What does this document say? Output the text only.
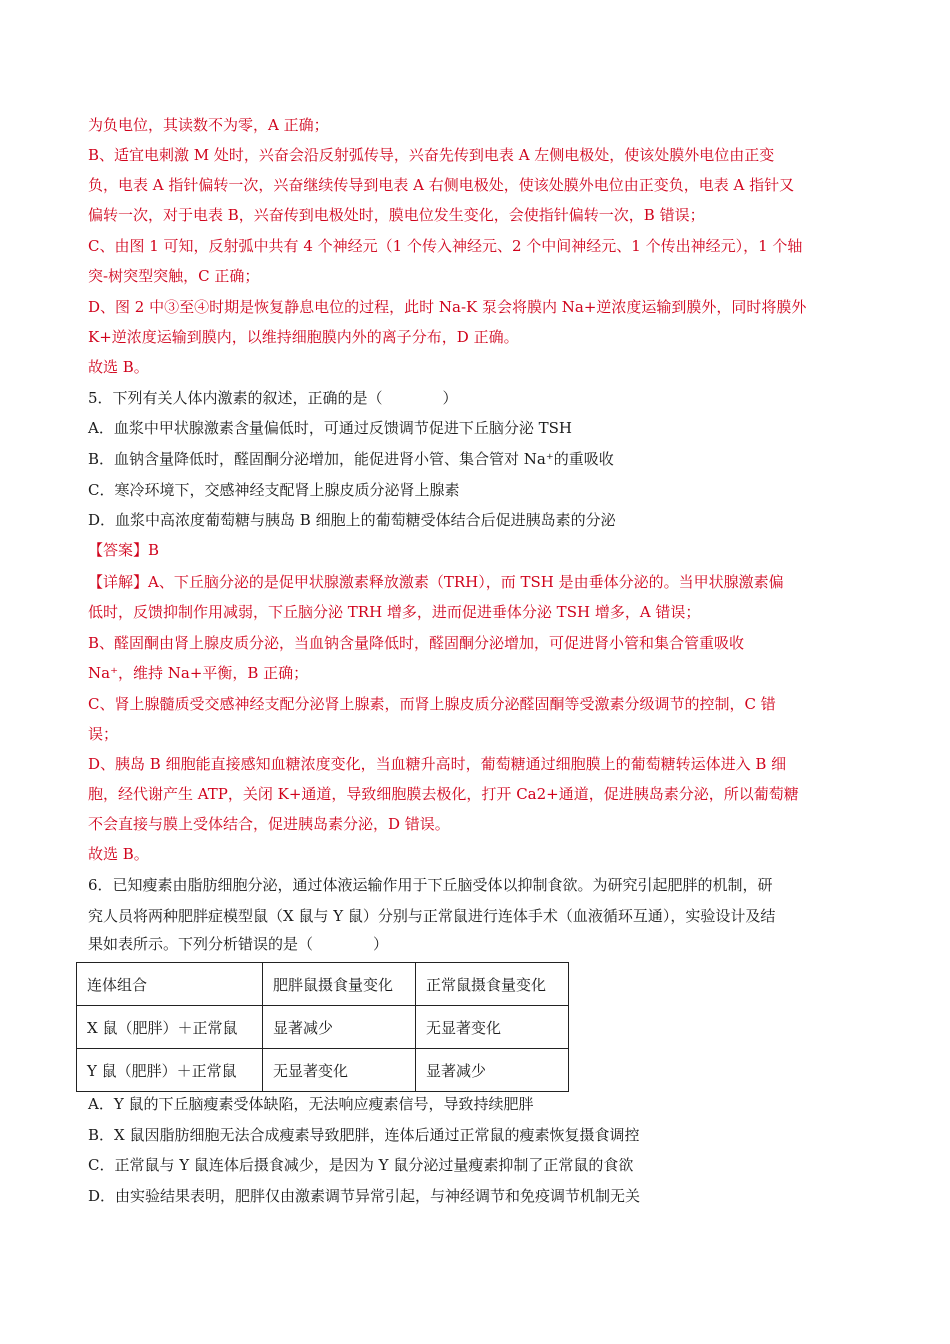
为负电位，其读数不为零，A 正确；
B、适宜电刺激 M 处时，兴奋会沿反射弧传导，兴奋先传到电表 A 左侧电极处，使该处膜外电位由正变
负，电表 A 指针偏转一次，兴奋继续传导到电表 A 右侧电极处，使该处膜外电位由正变负，电表 A 指针又
偏转一次，对于电表 B，兴奋传到电极处时，膜电位发生变化，会使指针偏转一次，B 错误；
C、由图 1 可知，反射弧中共有 4 个神经元（1 个传入神经元、2 个中间神经元、1 个传出神经元），1 个轴
突-树突型突触，C 正确；
D、图 2 中③至④时期是恢复静息电位的过程，此时 Na-K 泵会将膜内 Na+逆浓度运输到膜外，同时将膜外
K+逆浓度运输到膜内，以维持细胞膜内外的离子分布，D 正确。
故选 B。
5．下列有关人体内激素的叙述，正确的是（　　　　）
A．血浆中甲状腺激素含量偏低时，可通过反馈调节促进下丘脑分泌 TSH
B．血钠含量降低时，醛固酮分泌增加，能促进肾小管、集合管对 Na⁺的重吸收
C．寒冷环境下，交感神经支配肾上腺皮质分泌肾上腺素
D．血浆中高浓度葡萄糖与胰岛 B 细胞上的葡萄糖受体结合后促进胰岛素的分泌
【答案】B
【详解】A、下丘脑分泌的是促甲状腺激素释放激素（TRH），而 TSH 是由垂体分泌的。当甲状腺激素偏
低时，反馈抑制作用减弱，下丘脑分泌 TRH 增多，进而促进垂体分泌 TSH 增多，A 错误；
B、醛固酮由肾上腺皮质分泌，当血钠含量降低时，醛固酮分泌增加，可促进肾小管和集合管重吸收
Na⁺，维持 Na+平衡，B 正确；
C、肾上腺髓质受交感神经支配分泌肾上腺素，而肾上腺皮质分泌醛固酮等受激素分级调节的控制，C 错
误；
D、胰岛 B 细胞能直接感知血糖浓度变化，当血糖升高时，葡萄糖通过细胞膜上的葡萄糖转运体进入 B 细
胞，经代谢产生 ATP，关闭 K+通道，导致细胞膜去极化，打开 Ca2+通道，促进胰岛素分泌，所以葡萄糖
不会直接与膜上受体结合，促进胰岛素分泌，D 错误。
故选 B。
6．已知瘦素由脂肪细胞分泌，通过体液运输作用于下丘脑受体以抑制食欲。为研究引起肥胖的机制，研
究人员将两种肥胖症模型鼠（X 鼠与 Y 鼠）分别与正常鼠进行连体手术（血液循环互通），实验设计及结
果如表所示。下列分析错误的是（　　　　）
连体组合	肥胖鼠摄食量变化	正常鼠摄食量变化
X 鼠（肥胖）＋正常鼠	显著减少	无显著变化
Y 鼠（肥胖）＋正常鼠	无显著变化	显著减少
A．Y 鼠的下丘脑瘦素受体缺陷，无法响应瘦素信号，导致持续肥胖
B．X 鼠因脂肪细胞无法合成瘦素导致肥胖，连体后通过正常鼠的瘦素恢复摄食调控
C．正常鼠与 Y 鼠连体后摄食减少，是因为 Y 鼠分泌过量瘦素抑制了正常鼠的食欲
D．由实验结果表明，肥胖仅由激素调节异常引起，与神经调节和免疫调节机制无关
